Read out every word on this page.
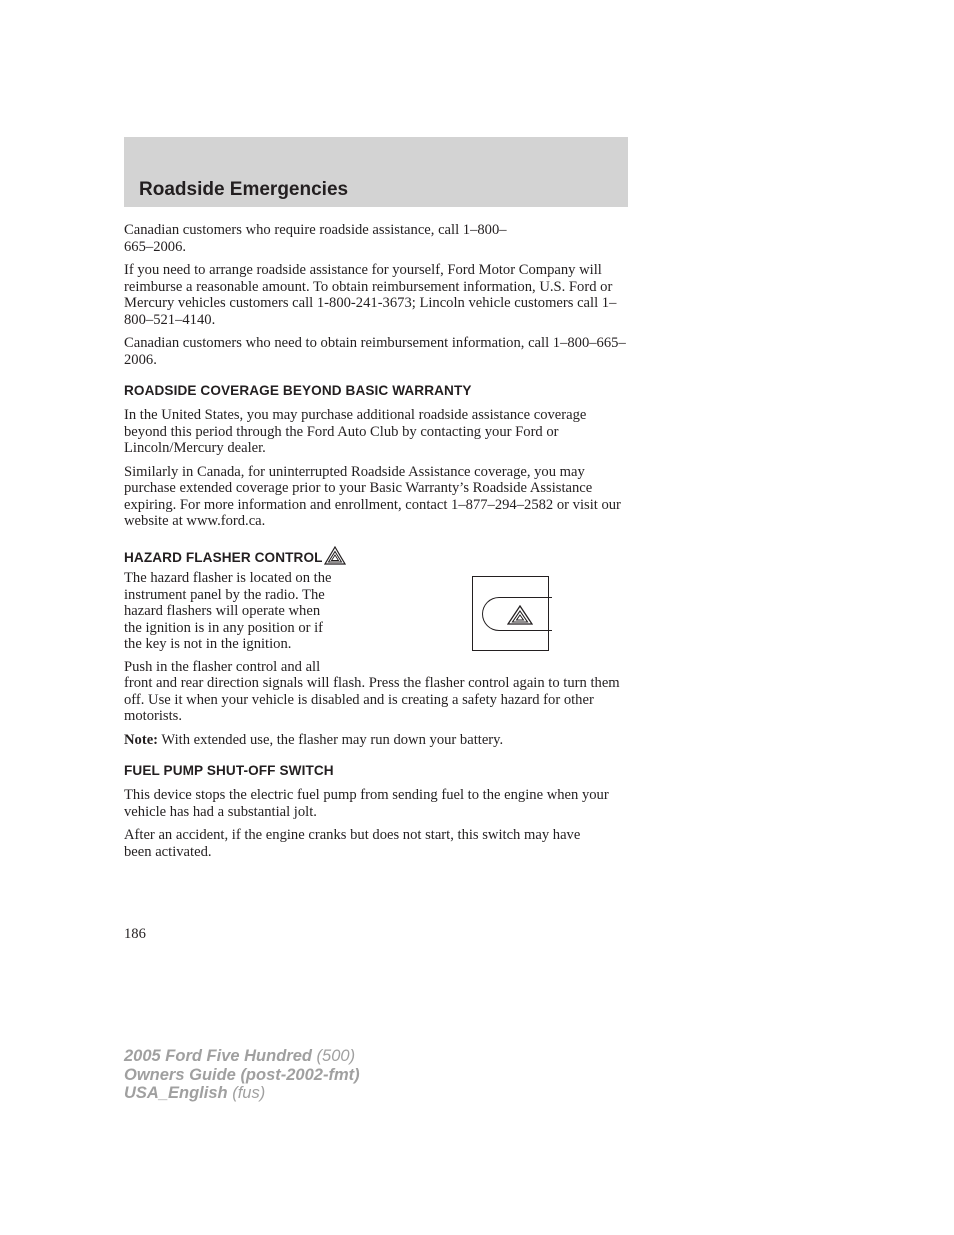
Roadside Emergencies

Canadian customers who require roadside assistance, call 1–800–665–2006.

If you need to arrange roadside assistance for yourself, Ford Motor Company will reimburse a reasonable amount. To obtain reimbursement information, U.S. Ford or Mercury vehicles customers call 1-800-241-3673; Lincoln vehicle customers call 1–800–521–4140.

Canadian customers who need to obtain reimbursement information, call 1–800–665–2006.

ROADSIDE COVERAGE BEYOND BASIC WARRANTY

In the United States, you may purchase additional roadside assistance coverage beyond this period through the Ford Auto Club by contacting your Ford or Lincoln/Mercury dealer.

Similarly in Canada, for uninterrupted Roadside Assistance coverage, you may purchase extended coverage prior to your Basic Warranty’s Roadside Assistance expiring. For more information and enrollment, contact 1–877–294–2582 or visit our website at www.ford.ca.

HAZARD FLASHER CONTROL
The hazard flasher is located on the
instrument panel by the radio. The
hazard flashers will operate when
the ignition is in any position or if
the key is not in the ignition.
Push in the flasher control and all

front and rear direction signals will flash. Press the flasher control again to turn them off. Use it when your vehicle is disabled and is creating a safety hazard for other motorists.

Note: With extended use, the flasher may run down your battery.

FUEL PUMP SHUT-OFF SWITCH

This device stops the electric fuel pump from sending fuel to the engine when your vehicle has had a substantial jolt.

After an accident, if the engine cranks but does not start, this switch may have been activated.

186
2005 Ford Five Hundred (500)
Owners Guide (post-2002-fmt)
USA_English (fus)
